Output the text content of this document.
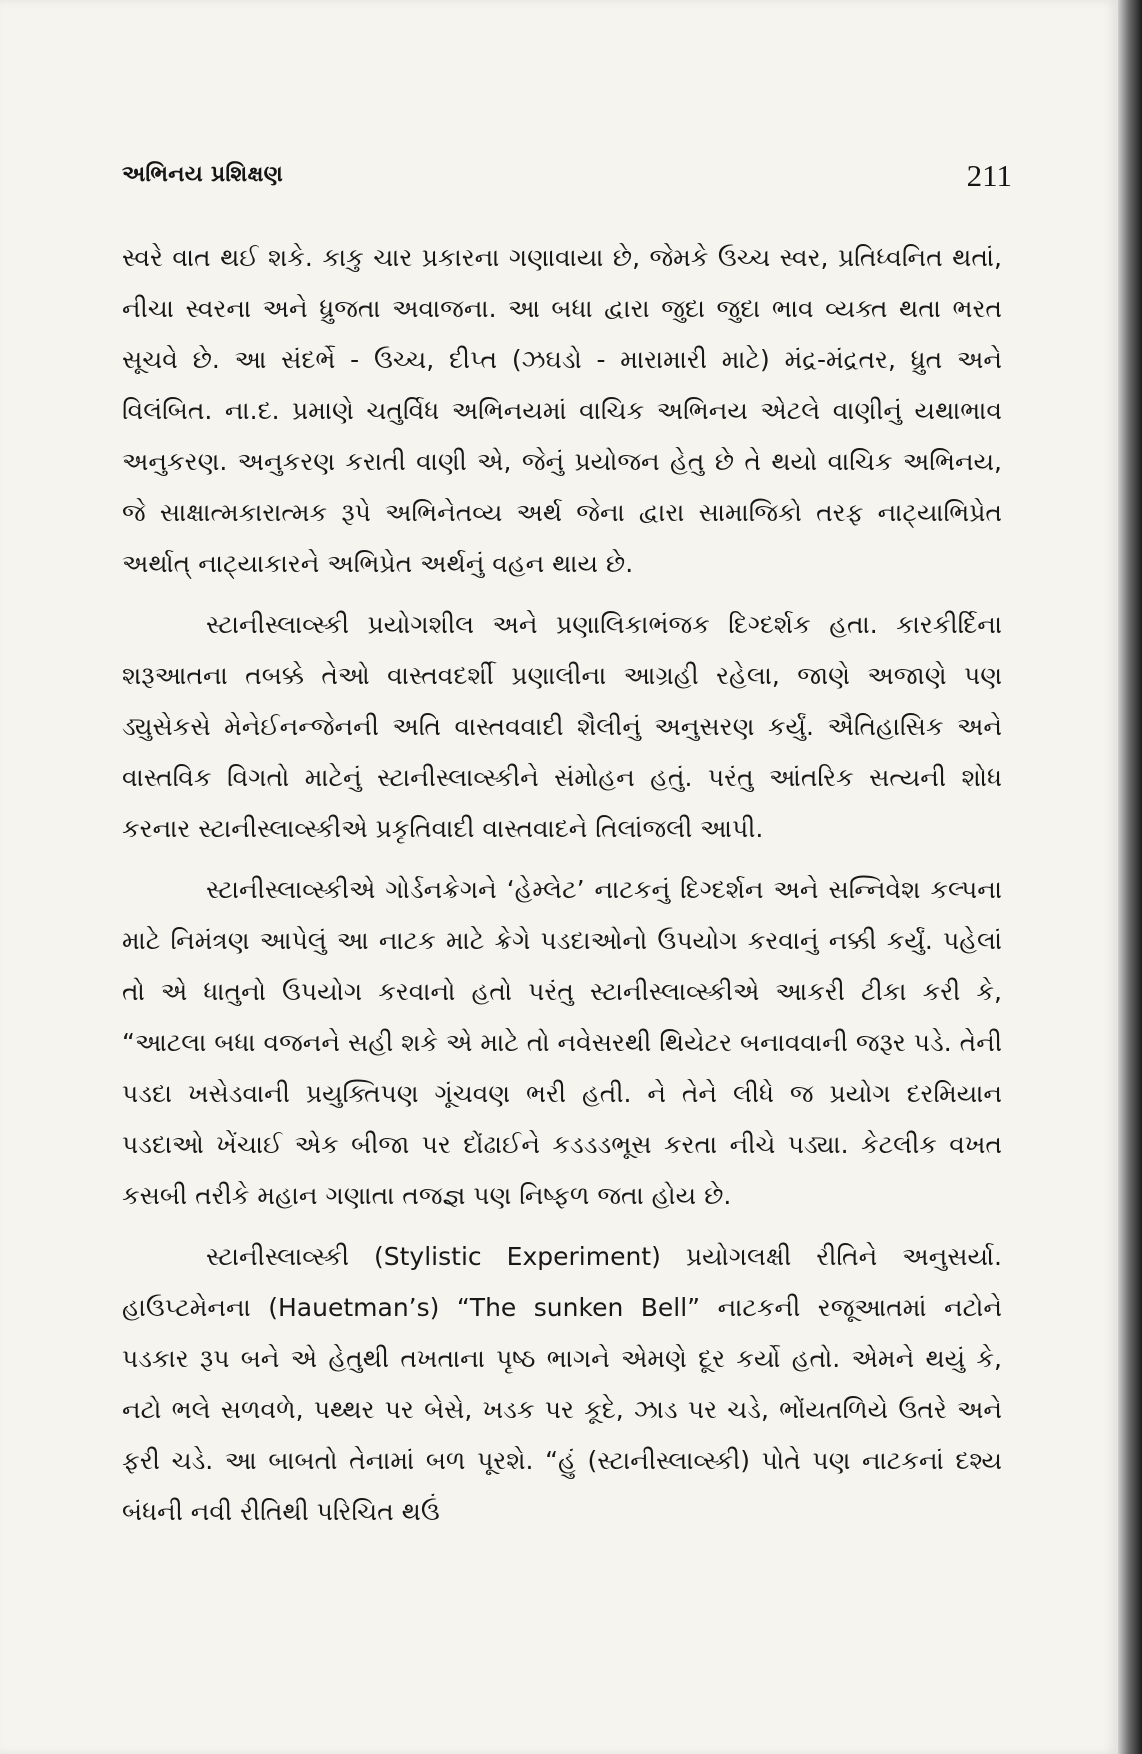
અભિનય પ્રશિક્ષણ	211

સ્વરે વાત થઈ શકે. કાકુ ચાર પ્રકારના ગણાવાયા છે, જેમકે ઉચ્ચ સ્વર, પ્રતિધ્વનિત થતાં, નીચા સ્વરના અને ધ્રુજતા અવાજના. આ બધા દ્વારા જુદા જુદા ભાવ વ્યક્ત થતા ભરત સૂચવે છે. આ સંદર્ભે - ઉચ્ચ, દીપ્ત (ઝઘડો - મારામારી માટે) મંદ્ર-મંદ્રતર, ધ્રુત અને વિલંબિત. ના.દ. પ્રમાણે ચતુર્વિધ અભિનયમાં વાચિક અભિનય એટલે વાણીનું યથાભાવ અનુકરણ. અનુકરણ કરાતી વાણી એ, જેનું પ્રયોજન હેતુ છે તે થયો વાચિક અભિનય, જે સાક્ષાત્મકારાત્મક રૂપે અભિનેતવ્ય અર્થ જેના દ્વારા સામાજિકો તરફ નાટ્યાભિપ્રેત અર્થાત્ નાટ્યાકારને અભિપ્રેત અર્થનું વહન થાય છે.

સ્ટાનીસ્લાવ્સ્કી પ્રયોગશીલ અને પ્રણાલિકાભંજક દિગ્દર્શક હતા. કારકીર્દિના શરૂઆતના તબક્કે તેઓ વાસ્તવદર્શી પ્રણાલીના આગ્રહી રહેલા, જાણે અજાણે પણ ડ્યુસેકસે મેનેઈનન્જેનની અતિ વાસ્તવવાદી શૈલીનું અનુસરણ કર્યું. ઐતિહાસિક અને વાસ્તવિક વિગતો માટેનું સ્ટાનીસ્લાવ્સ્કીને સંમોહન હતું. પરંતુ આંતરિક સત્યની શોધ કરનાર સ્ટાનીસ્લાવ્સ્કીએ પ્રકૃતિવાદી વાસ્તવાદને તિલાંજલી આપી.

સ્ટાનીસ્લાવ્સ્કીએ ગોર્ડનક્રેગને ‘હેમ્લેટ’ નાટકનું દિગ્દર્શન અને સન્નિવેશ કલ્પના માટે નિમંત્રણ આપેલું આ નાટક માટે ક્રેગે પડદાઓનો ઉપયોગ કરવાનું નક્કી કર્યું. પહેલાં તો એ ધાતુનો ઉપયોગ કરવાનો હતો પરંતુ સ્ટાનીસ્લાવ્સ્કીએ આકરી ટીકા કરી કે, “આટલા બધા વજનને સહી શકે એ માટે તો નવેસરથી થિયેટર બનાવવાની જરૂર પડે. તેની પડદા ખસેડવાની પ્રયુક્તિપણ ગૂંચવણ ભરી હતી. ને તેને લીધે જ પ્રયોગ દરમિયાન પડદાઓ ખેંચાઈ એક બીજા પર દોંઢાઈને કડડડભૂસ કરતા નીચે પડ્યા. કેટલીક વખત કસબી તરીકે મહાન ગણાતા તજજ્ઞ પણ નિષ્ફળ જતા હોય છે.

સ્ટાનીસ્લાવ્સ્કી (Stylistic Experiment) પ્રયોગલક્ષી રીતિને અનુસર્યા. હાઉપ્ટમેનના (Hauetman’s) “The sunken Bell” નાટકની રજૂઆતમાં નટોને પડકાર રૂપ બને એ હેતુથી તખતાના પૃષ્ઠ ભાગને એમણે દૂર કર્યો હતો. એમને થયું કે, નટો ભલે સળવળે, પથ્થર પર બેસે, ખડક પર કૂદે, ઝાડ પર ચડે, ભોંયતળિયે ઉતરે અને ફરી ચડે. આ બાબતો તેનામાં બળ પૂરશે. “હું (સ્ટાનીસ્લાવ્સ્કી) પોતે પણ નાટકનાં દશ્ય બંધની નવી રીતિથી પરિચિત થઉં
